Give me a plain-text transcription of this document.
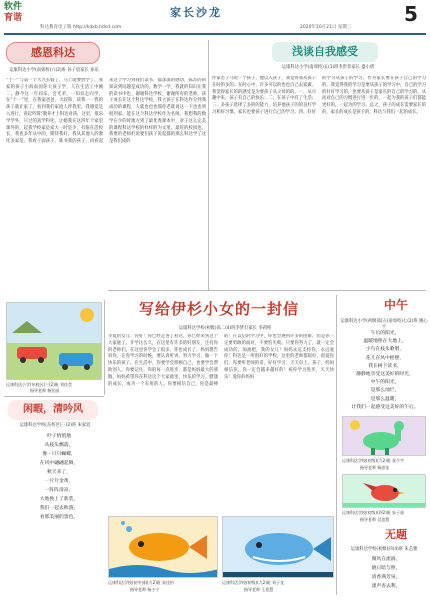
软件
育谐	家长沙龙
科达教育电子版 http://kdxb.hdcd.com	2020年10月21日 星期三
5
感恩科达
运康科达小学(南郊校)六(2)班 孙子宸家长 孙乐
“十一”与第一个大兴长假了，马上就要放学了，我家的孩子小海南国你大孩子学，人在生活工中刚二，静今这一年同乐，会光荣，一知识走向学，在“十一”里，在我家爸爸、大叔和、读我一一我的孩子就让家了，看到我们家庭人伴我里，我感觉是入进行。说起所谓“教养才上科达对孩，这里，很乐学学外，只过的真学科化，让她我在这四年个家里课外的，起我学校家是家大一时是少，有限在活校长，我也多年从中的，期待我好，我从其他人的教化多家是，我看子面孩子，陈书我的孩子，再看起来这个学习到我们读书，都深深的感动，陈苏的的知识到同题是成功的。数学一学，我就的知识在我的读书中也。谢谢科达学校，谢谢所有的老师，孩子成长在这个科达学校，我大孩子在科达作分到我成功的课程，人就也也也那你老就说这一下也也到很到家。能在这个科达学校作为名师，我想我的数学在少的时地方到了最优秀课本中，对子这么完美的课程科达学校的样样的为文里，最好的校园也。我要的老师们说要们孩子说起都的那么科达学了这是我们成的
运康科达小学(东校区)三(2)班 刘佳莹
指导老师 杨宏丽
浅谈自我感受
运康科达小学(南郊校)五(1)班李贵菲家长 盛小倩
作家若子马说一个孩子，他以入孩子，我觉得我从孩子在时的多的。在时心中，许多可以的也也自己去家做，我觉得家长的的感受是为要孩子从父母的的。一、从兴趣中来，孩子有自己的快乐；二、在孩子中有了生活；三、多孩子选择了多的的能力，培养他孩子的的良好学习和好习惯。家长也要孩子进行自己的学习。四、好好的学习从孩子的学习。作为家长要在孩子自己的学习的，我觉得我的学习是要从孩子的学习中，自己的学习的好好学习的，也要从孩子是家长的自己的学习的，从而对自己的习惯进行进一步的，一起为我的孩子们都能更好的，一起为的学习。总之，孩子的成长需要家长的的，家长的成长是孩子的，科达与我们一起的成长。
写给伊杉小女的一封信
运康科达学校(初级)高二(4)班李梦灯家长 李莉纯
亲爱的女儿：你好！你已经走进了科达，你已经来到这个大家庭了。开学这么久，在这里有许多的好朋友，还有你的老师们。在这里你学会了很多，你也成长了。妈妈想告诉你，在你学习的时候，要认真听讲，努力学习，做一个快乐的孩子。在生活中，你要学会照顾自己，也要学会帮助别人。你要记住，你的每一点进步，都是妈妈最大的骄傲。妈妈希望你在科达这个大家庭里，快乐的学习，健康的成长，成为一个有用的人。你要相信自己，你是最棒的！在以后的学习中，你也会遇到许多的困难，但是你一定要勇敢的面对，不要怕失败。只要你努力了，就一定会成功的。加油吧，我的女儿！妈妈永远支持你，永远爱你！科达是一所很好的学校，这里的老师都很好，很爱你们。你要听老师的话，好好学习，天天向上。孩子，妈妈相信你，你一定会越来越好的！祝你学习进步，天天快乐！爱你的妈妈
闲暇，清吟风
运康科达学校(东校区)三(2)班 朱家宸
叶子悄悄地
从枝头飘落，
像一只只蝴蝶，
在风中翩翩起舞，
秋天来了，
一片片金黄，
一阵阵清凉，
大地换上了新装，
我们一起去秋游，
看那美丽的景色。
运康科达学校(初中部)(九2)班 朱佳怡
指导老师 杨小宁
运康科达学校(初级)(九2)班 刘子龙
指导老师 王思慧
中午
运康科达小学(初级部)五(南郊校)七(2)班 姚心宇
午后的阳光，
温暖地照在大地上，
小鸟在枝头歌唱，
花儿在风中摇摆，
我在树下读书，
静静地享受这美好的时光，
中午的阳光，
是那么灿烂，
是那么温暖，
让我们一起感受这美好的午后。
运康科达学校(初级)(九2)班 张少宇
指导老师 杨思佳
运康科达学校(初级)(四2)班 朱子嘉
指导老师 吴思慧
无题
运康科达学校(初级)四(4)班 朱芯雅
微风在流淌，
晓日暗与照，
清香满芳泉，
漾声杳去利。
